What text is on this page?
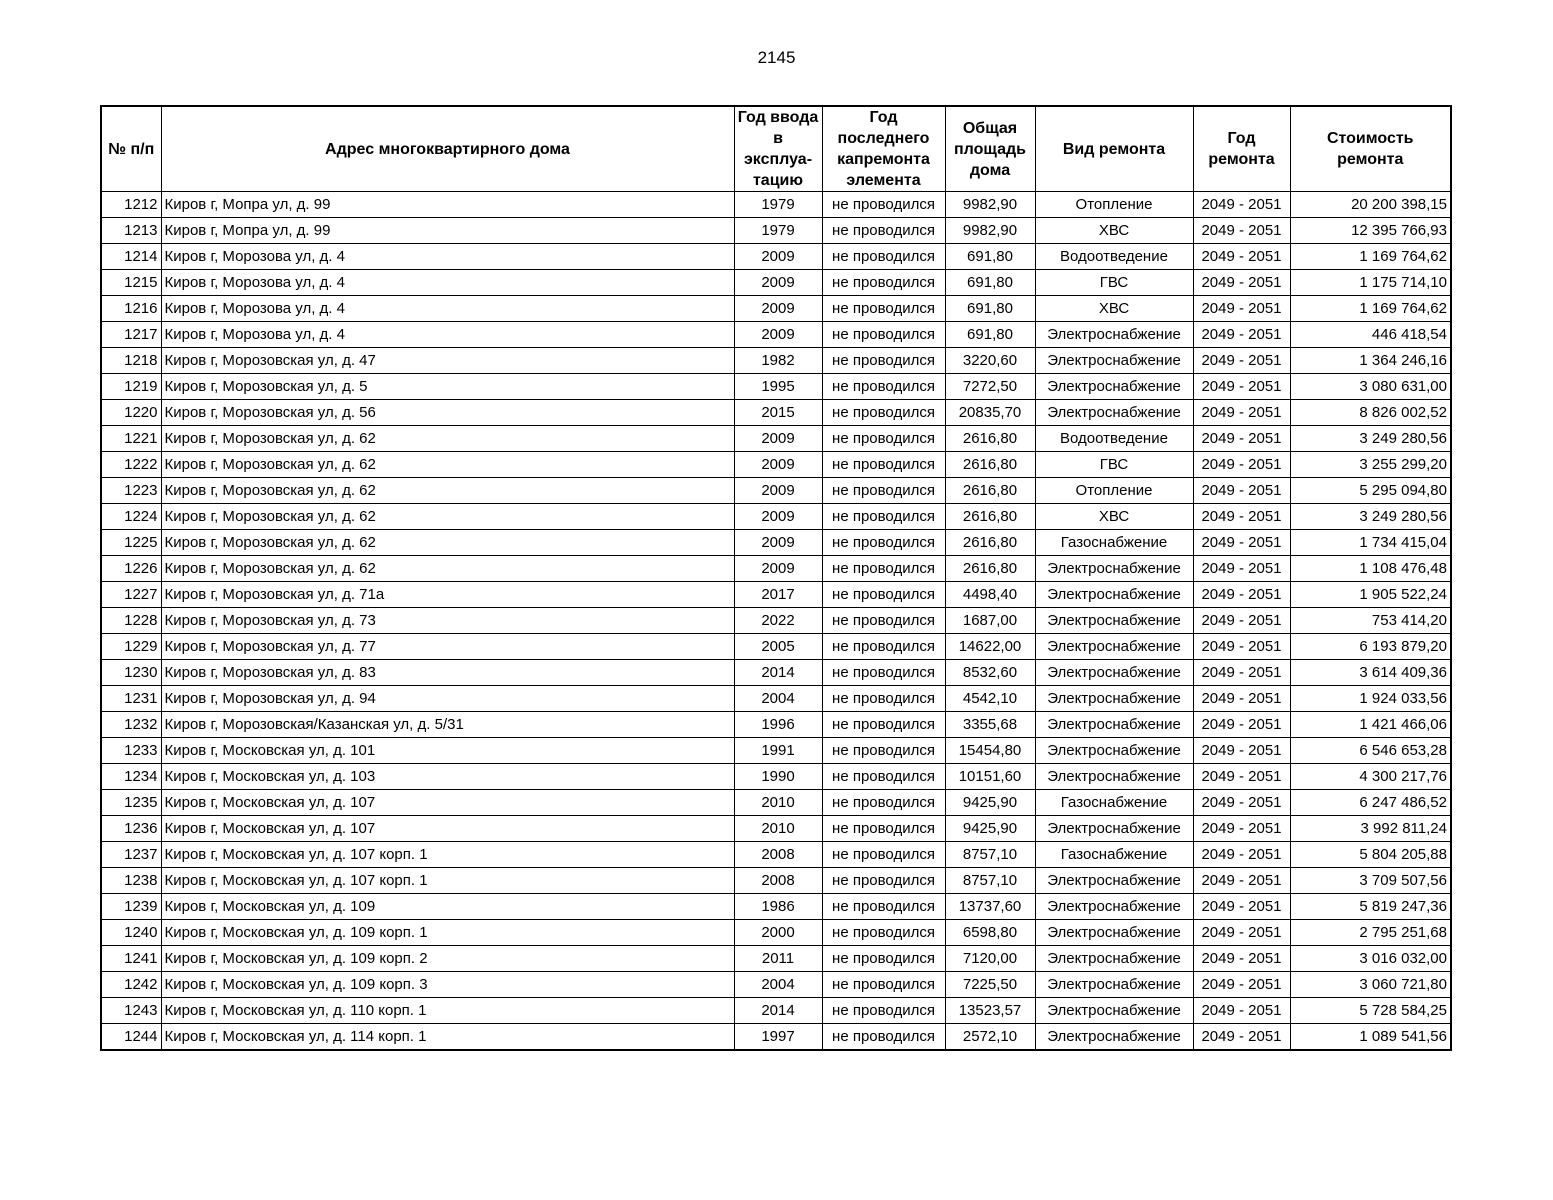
2145
№ п/п	Адрес многоквартирного дома	Год ввода в эксплуа-тацию	Год последнего капремонта элемента	Общая площадь дома	Вид ремонта	Год ремонта	Стоимость ремонта
1212	Киров г, Мопра ул, д. 99	1979	не проводился	9982,90	Отопление	2049 - 2051	20 200 398,15
1213	Киров г, Мопра ул, д. 99	1979	не проводился	9982,90	ХВС	2049 - 2051	12 395 766,93
1214	Киров г, Морозова ул, д. 4	2009	не проводился	691,80	Водоотведение	2049 - 2051	1 169 764,62
1215	Киров г, Морозова ул, д. 4	2009	не проводился	691,80	ГВС	2049 - 2051	1 175 714,10
1216	Киров г, Морозова ул, д. 4	2009	не проводился	691,80	ХВС	2049 - 2051	1 169 764,62
1217	Киров г, Морозова ул, д. 4	2009	не проводился	691,80	Электроснабжение	2049 - 2051	446 418,54
1218	Киров г, Морозовская ул, д. 47	1982	не проводился	3220,60	Электроснабжение	2049 - 2051	1 364 246,16
1219	Киров г, Морозовская ул, д. 5	1995	не проводился	7272,50	Электроснабжение	2049 - 2051	3 080 631,00
1220	Киров г, Морозовская ул, д. 56	2015	не проводился	20835,70	Электроснабжение	2049 - 2051	8 826 002,52
1221	Киров г, Морозовская ул, д. 62	2009	не проводился	2616,80	Водоотведение	2049 - 2051	3 249 280,56
1222	Киров г, Морозовская ул, д. 62	2009	не проводился	2616,80	ГВС	2049 - 2051	3 255 299,20
1223	Киров г, Морозовская ул, д. 62	2009	не проводился	2616,80	Отопление	2049 - 2051	5 295 094,80
1224	Киров г, Морозовская ул, д. 62	2009	не проводился	2616,80	ХВС	2049 - 2051	3 249 280,56
1225	Киров г, Морозовская ул, д. 62	2009	не проводился	2616,80	Газоснабжение	2049 - 2051	1 734 415,04
1226	Киров г, Морозовская ул, д. 62	2009	не проводился	2616,80	Электроснабжение	2049 - 2051	1 108 476,48
1227	Киров г, Морозовская ул, д. 71а	2017	не проводился	4498,40	Электроснабжение	2049 - 2051	1 905 522,24
1228	Киров г, Морозовская ул, д. 73	2022	не проводился	1687,00	Электроснабжение	2049 - 2051	753 414,20
1229	Киров г, Морозовская ул, д. 77	2005	не проводился	14622,00	Электроснабжение	2049 - 2051	6 193 879,20
1230	Киров г, Морозовская ул, д. 83	2014	не проводился	8532,60	Электроснабжение	2049 - 2051	3 614 409,36
1231	Киров г, Морозовская ул, д. 94	2004	не проводился	4542,10	Электроснабжение	2049 - 2051	1 924 033,56
1232	Киров г, Морозовская/Казанская ул, д. 5/31	1996	не проводился	3355,68	Электроснабжение	2049 - 2051	1 421 466,06
1233	Киров г, Московская ул, д. 101	1991	не проводился	15454,80	Электроснабжение	2049 - 2051	6 546 653,28
1234	Киров г, Московская ул, д. 103	1990	не проводился	10151,60	Электроснабжение	2049 - 2051	4 300 217,76
1235	Киров г, Московская ул, д. 107	2010	не проводился	9425,90	Газоснабжение	2049 - 2051	6 247 486,52
1236	Киров г, Московская ул, д. 107	2010	не проводился	9425,90	Электроснабжение	2049 - 2051	3 992 811,24
1237	Киров г, Московская ул, д. 107 корп. 1	2008	не проводился	8757,10	Газоснабжение	2049 - 2051	5 804 205,88
1238	Киров г, Московская ул, д. 107 корп. 1	2008	не проводился	8757,10	Электроснабжение	2049 - 2051	3 709 507,56
1239	Киров г, Московская ул, д. 109	1986	не проводился	13737,60	Электроснабжение	2049 - 2051	5 819 247,36
1240	Киров г, Московская ул, д. 109 корп. 1	2000	не проводился	6598,80	Электроснабжение	2049 - 2051	2 795 251,68
1241	Киров г, Московская ул, д. 109 корп. 2	2011	не проводился	7120,00	Электроснабжение	2049 - 2051	3 016 032,00
1242	Киров г, Московская ул, д. 109 корп. 3	2004	не проводился	7225,50	Электроснабжение	2049 - 2051	3 060 721,80
1243	Киров г, Московская ул, д. 110 корп. 1	2014	не проводился	13523,57	Электроснабжение	2049 - 2051	5 728 584,25
1244	Киров г, Московская ул, д. 114 корп. 1	1997	не проводился	2572,10	Электроснабжение	2049 - 2051	1 089 541,56
